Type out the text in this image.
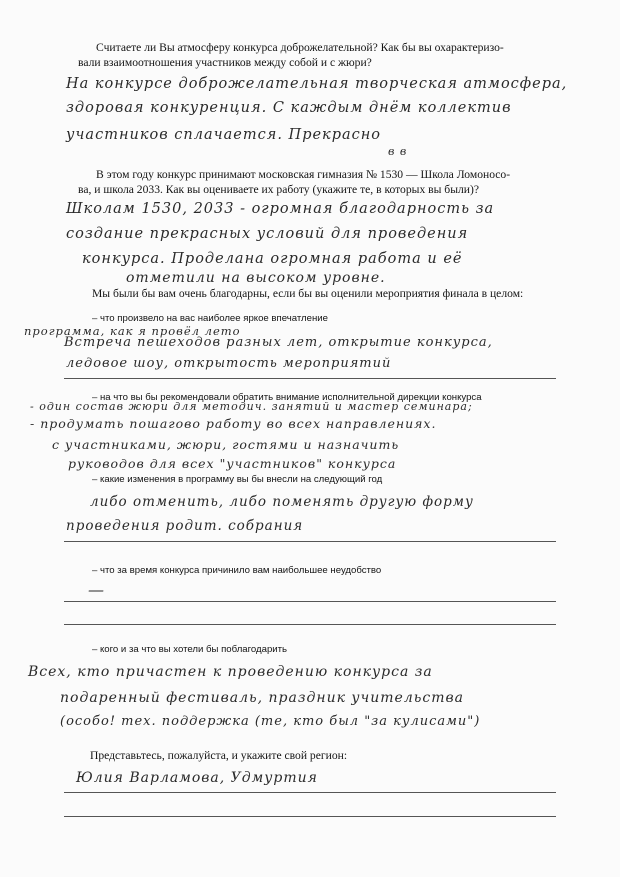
Считаете ли Вы атмосферу конкурса доброжелательной? Как бы вы охарактеризо-
вали взаимоотношения участников между собой и с жюри?
На конкурсе доброжелательная творческая атмосфера,
здоровая конкуренция. С каждым днём коллектив
участников сплачается. Прекрасно
в в
В этом году конкурс принимают московская гимназия № 1530 — Школа Ломоносо-
ва, и школа 2033. Как вы оцениваете их работу (укажите те, в которых вы были)?
Школам 1530, 2033 - огромная благодарность за
создание прекрасных условий для проведения
конкурса. Проделана огромная работа и её
отметили на высоком уровне.
Мы были бы вам очень благодарны, если бы вы оценили мероприятия финала в целом:
– что произвело на вас наиболее яркое впечатление
программа, как я провёл лето
Встреча пешеходов разных лет, открытие конкурса,
ледовое шоу, открытость мероприятий
– на что вы бы рекомендовали обратить внимание исполнительной дирекции конкурса
- один состав жюри для методич. занятий и мастер семинара;
- продумать пошагово работу во всех направлениях.
с участниками, жюри, гостями и назначить
руководов для всех "участников" конкурса
– какие изменения в программу вы бы внесли на следующий год
либо отменить, либо поменять другую форму
проведения родит. собрания
– что за время конкурса причинило вам наибольшее неудобство
—
– кого и за что вы хотели бы поблагодарить
Всех, кто причастен к проведению конкурса за
подаренный фестиваль, праздник учительства
(особо! тех. поддержка (те, кто был "за кулисами")
Представьтесь, пожалуйста, и укажите свой регион:
Юлия Варламова, Удмуртия
